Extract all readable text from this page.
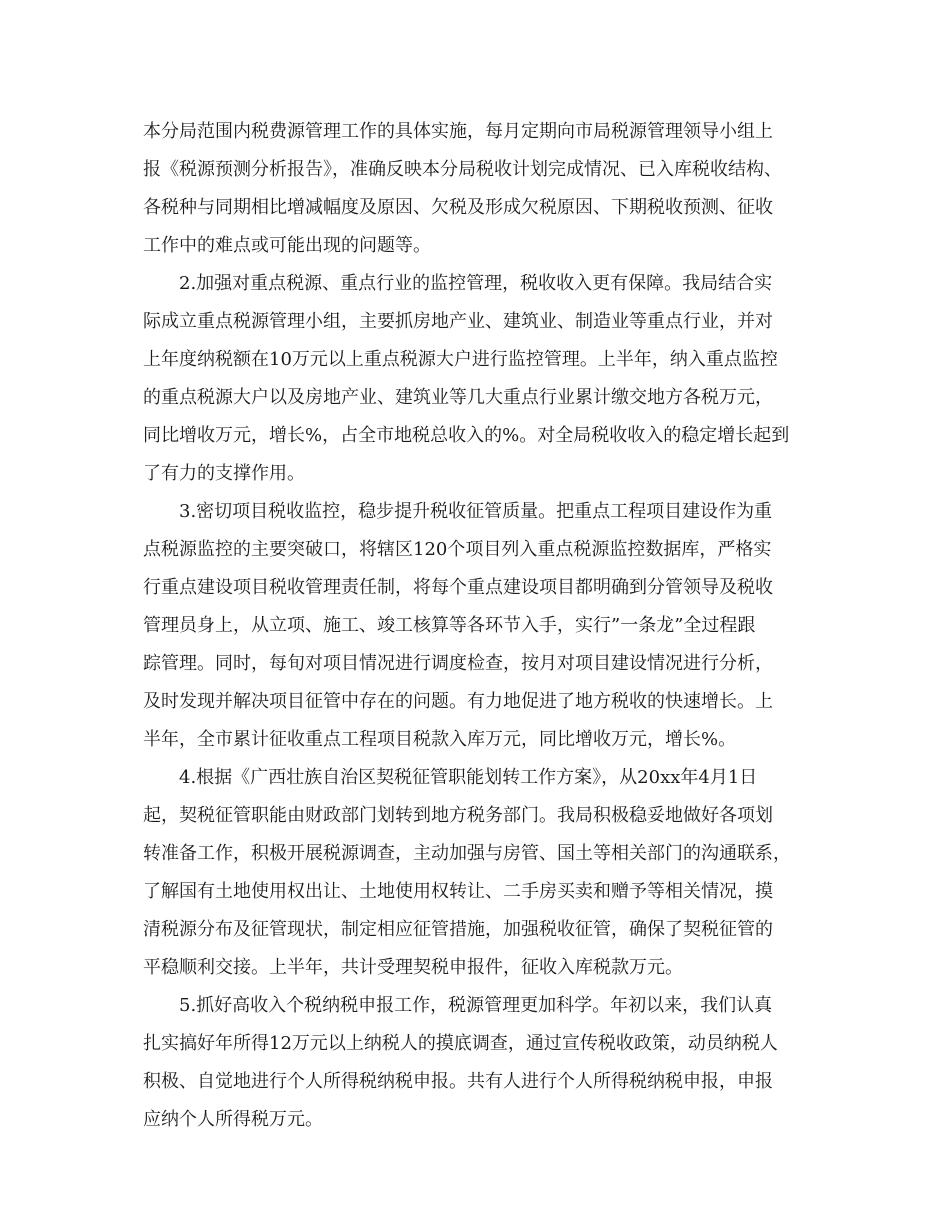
本分局范围内税费源管理工作的具体实施，每月定期向市局税源管理领导小组上
报《税源预测分析报告》，准确反映本分局税收计划完成情况、已入库税收结构、
各税种与同期相比增减幅度及原因、欠税及形成欠税原因、下期税收预测、征收
工作中的难点或可能出现的问题等。
2.加强对重点税源、重点行业的监控管理，税收收入更有保障。我局结合实
际成立重点税源管理小组，主要抓房地产业、建筑业、制造业等重点行业，并对
上年度纳税额在10万元以上重点税源大户进行监控管理。上半年，纳入重点监控
的重点税源大户以及房地产业、建筑业等几大重点行业累计缴交地方各税万元，
同比增收万元，增长%，占全市地税总收入的%。对全局税收收入的稳定增长起到
了有力的支撑作用。
3.密切项目税收监控，稳步提升税收征管质量。把重点工程项目建设作为重
点税源监控的主要突破口，将辖区120个项目列入重点税源监控数据库，严格实
行重点建设项目税收管理责任制，将每个重点建设项目都明确到分管领导及税收
管理员身上，从立项、施工、竣工核算等各环节入手，实行”一条龙”全过程跟
踪管理。同时，每旬对项目情况进行调度检查，按月对项目建设情况进行分析，
及时发现并解决项目征管中存在的问题。有力地促进了地方税收的快速增长。上
半年，全市累计征收重点工程项目税款入库万元，同比增收万元，增长%。
4.根据《广西壮族自治区契税征管职能划转工作方案》，从20xx年4月1日
起，契税征管职能由财政部门划转到地方税务部门。我局积极稳妥地做好各项划
转准备工作，积极开展税源调查，主动加强与房管、国土等相关部门的沟通联系，
了解国有土地使用权出让、土地使用权转让、二手房买卖和赠予等相关情况，摸
清税源分布及征管现状，制定相应征管措施，加强税收征管，确保了契税征管的
平稳顺利交接。上半年，共计受理契税申报件，征收入库税款万元。
5.抓好高收入个税纳税申报工作，税源管理更加科学。年初以来，我们认真
扎实搞好年所得12万元以上纳税人的摸底调查，通过宣传税收政策，动员纳税人
积极、自觉地进行个人所得税纳税申报。共有人进行个人所得税纳税申报，申报
应纳个人所得税万元。
